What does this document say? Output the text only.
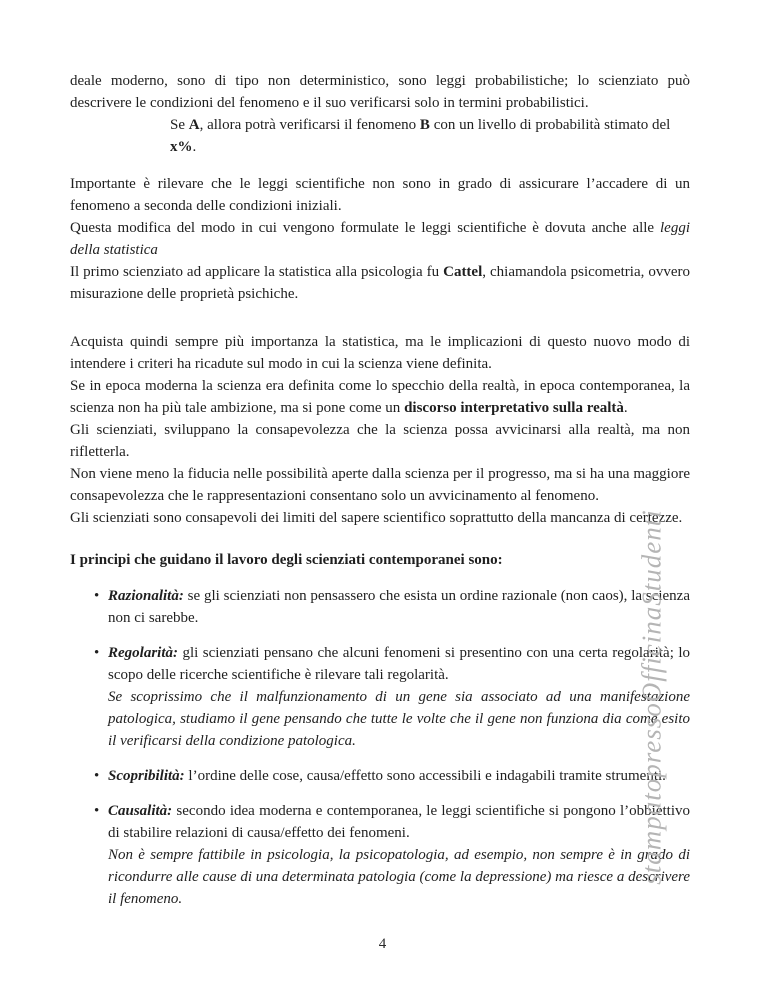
deale moderno, sono di tipo non deterministico, sono leggi probabilistiche; lo scienziato può descrivere le condizioni del fenomeno e il suo verificarsi solo in termini probabilistici.

Se A, allora potrà verificarsi il fenomeno B con un livello di probabilità stimato del x%.

Importante è rilevare che le leggi scientifiche non sono in grado di assicurare l’accadere di un fenomeno a seconda delle condizioni iniziali.

Questa modifica del modo in cui vengono formulate le leggi scientifiche è dovuta anche alle leggi della statistica

Il primo scienziato ad applicare la statistica alla psicologia fu Cattel, chiamandola psicometria, ovvero misurazione delle proprietà psichiche.

Acquista quindi sempre più importanza la statistica, ma le implicazioni di questo nuovo modo di intendere i criteri ha ricadute sul modo in cui la scienza viene definita.

Se in epoca moderna la scienza era definita come lo specchio della realtà, in epoca contemporanea, la scienza non ha più tale ambizione, ma si pone come un discorso interpretativo sulla realtà.

Gli scienziati, sviluppano la consapevolezza che la scienza possa avvicinarsi alla realtà, ma non rifletterla.

Non viene meno la fiducia nelle possibilità aperte dalla scienza per il progresso, ma si ha una maggiore consapevolezza che le rappresentazioni consentano solo un avvicinamento al fenomeno.

Gli scienziati sono consapevoli dei limiti del sapere scientifico soprattutto della mancanza di certezze.

I principi che guidano il lavoro degli scienziati contemporanei sono:
• Razionalità: se gli scienziati non pensassero che esista un ordine razionale (non caos), la scienza non ci sarebbe.
• Regolarità: gli scienziati pensano che alcuni fenomeni si presentino con una certa regolarità; lo scopo delle ricerche scientifiche è rilevare tali regolarità.
Se scoprissimo che il malfunzionamento di un gene sia associato ad una manifestazione patologica, studiamo il gene pensando che tutte le volte che il gene non funziona dia come esito il verificarsi della condizione patologica.
• Scopribilità: l’ordine delle cose, causa/effetto sono accessibili e indagabili tramite strumenti.
• Causalità: secondo idea moderna e contemporanea, le leggi scientifiche si pongono l’obbiettivo di stabilire relazioni di causa/effetto dei fenomeni.
Non è sempre fattibile in psicologia, la psicopatologia, ad esempio, non sempre è in grado di ricondurre alle cause di una determinata patologia (come la depressione) ma riesce a descrivere il fenomeno.
stampatopressoOfficinaStudenti
4
